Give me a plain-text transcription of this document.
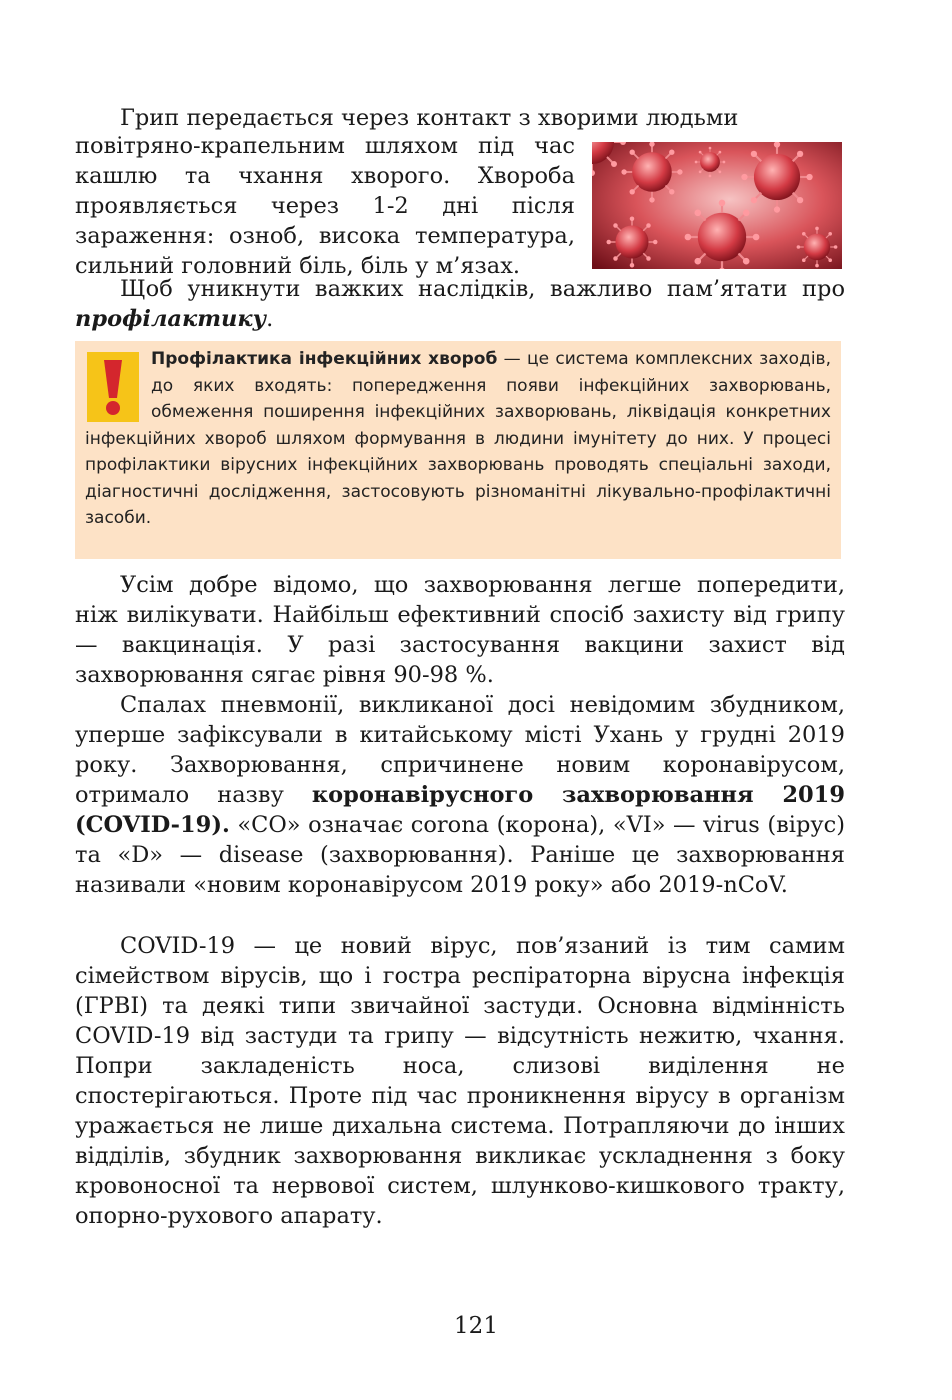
Грип передається через контакт з хворими людьми

повітряно-крапельним шляхом під час кашлю та чхання хворого. Хвороба проявляється через 1-2 дні після зараження: озноб, висока температура, сильний головний біль, біль у м’язах.

Щоб уникнути важких наслідків, важливо пам’ятати про профілактику.

Профілактика інфекційних хвороб — це система комплексних заходів, до яких входять: попередження появи інфекційних захворювань, обмеження поширення інфекційних захворювань, ліквідація конкретних інфекційних хвороб шляхом формування в людини імунітету до них. У процесі профілактики вірусних інфекційних захворювань проводять спеціальні заходи, діагностичні дослідження, застосовують різноманітні лікувально-профілактичні засоби.

Усім добре відомо, що захворювання легше попередити, ніж вилікувати. Найбільш ефективний спосіб захисту від грипу — вакцинація. У разі застосування вакцини захист від захворювання сягає рівня 90-98 %.

Спалах пневмонії, викликаної досі невідомим збудником, уперше зафіксували в китайському місті Ухань у грудні 2019 року. Захворювання, спричинене новим коронавірусом, отримало назву коронавірусного захворювання 2019 (COVID-19). «CO» означає corona (корона), «VI» — virus (вірус) та «D» — disease (захворювання). Раніше це захворювання називали «новим коронавірусом 2019 року» або 2019-nCoV.

COVID-19 — це новий вірус, пов’язаний із тим самим сімейством вірусів, що і гостра респіраторна вірусна інфекція (ГРВІ) та деякі типи звичайної застуди. Основна відмінність COVID-19 від застуди та грипу — відсутність нежитю, чхання. Попри закладеність носа, слизові виділення не спостерігаються. Проте під час проникнення вірусу в організм уражається не лише дихальна система. Потрапляючи до інших відділів, збудник захворювання викликає ускладнення з боку кровоносної та нервової систем, шлунково-кишкового тракту, опорно-рухового апарату.

121
